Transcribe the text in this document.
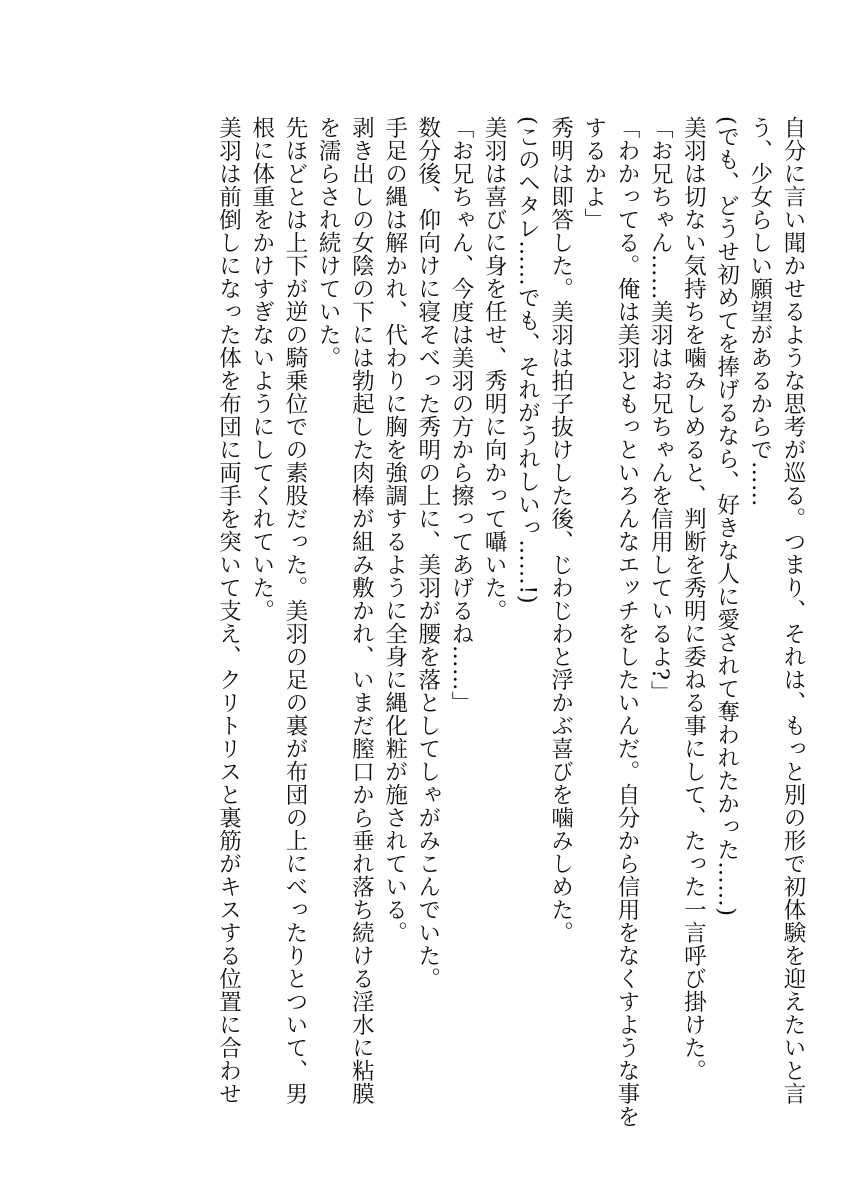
自分に言い聞かせるような思考が巡る。つまり、それは、もっと別の形で初体験を迎えたいと言
う、少女らしい願望があるからで……
(でも、どうせ初めてを捧げるなら、好きな人に愛されて奪われたかった……)
美羽は切ない気持ちを噛みしめると、判断を秀明に委ねる事にして、たった一言呼び掛けた。
「お兄ちゃん……美羽はお兄ちゃんを信用しているよ?」
「わかってる。俺は美羽ともっといろんなエッチをしたいんだ。自分から信用をなくすような事を
するかよ」
秀明は即答した。美羽は拍子抜けした後、じわじわと浮かぶ喜びを噛みしめた。
(このヘタレ……でも、それがうれしいっ……!)
美羽は喜びに身を任せ、秀明に向かって囁いた。
「お兄ちゃん、今度は美羽の方から擦ってあげるね……」
数分後、仰向けに寝そべった秀明の上に、美羽が腰を落としてしゃがみこんでいた。
手足の縄は解かれ、代わりに胸を強調するように全身に縄化粧が施されている。
剥き出しの女陰の下には勃起した肉棒が組み敷かれ、いまだ膣口から垂れ落ち続ける淫水に粘膜
を濡らされ続けていた。
先ほどとは上下が逆の騎乗位での素股だった。美羽の足の裏が布団の上にべったりとついて、男
根に体重をかけすぎないようにしてくれていた。
美羽は前倒しになった体を布団に両手を突いて支え、クリトリスと裏筋がキスする位置に合わせ
